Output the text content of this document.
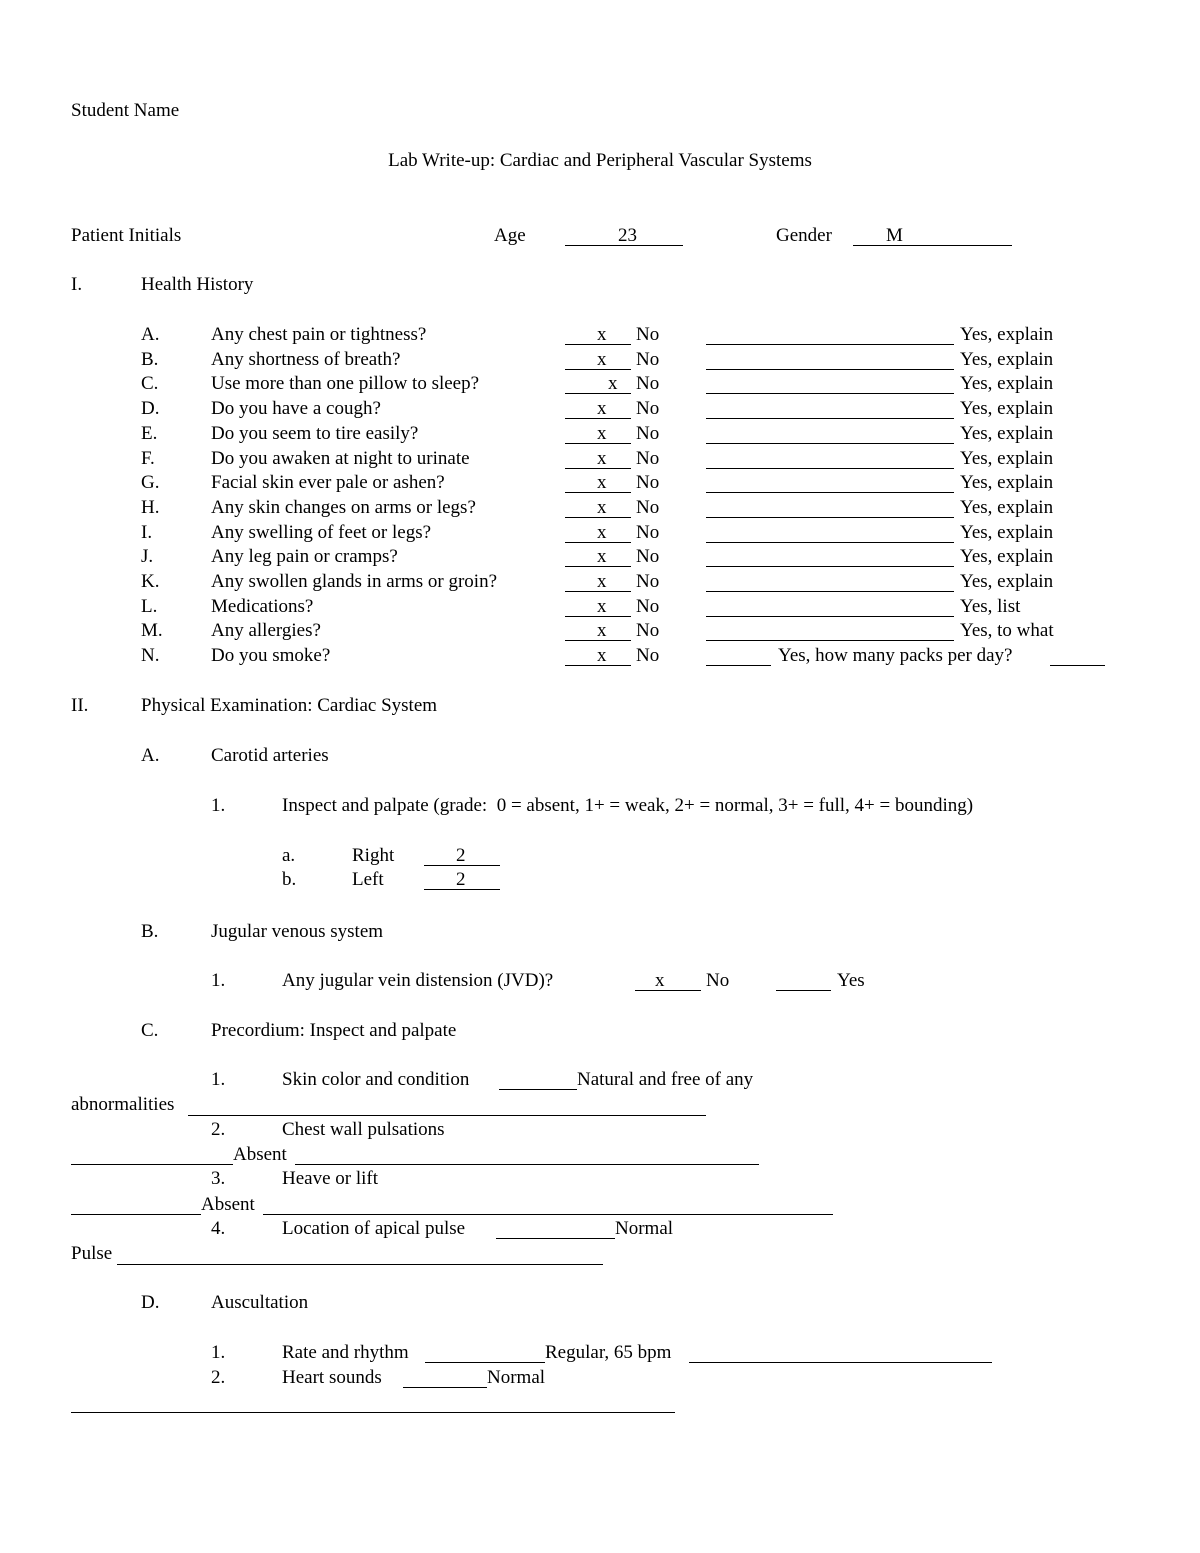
Student Name
Lab Write-up: Cardiac and Peripheral Vascular Systems
Patient Initials	Age	23	Gender	M
I.	Health History
A.	Any chest pain or tightness?	x No	Yes, explain
B.	Any shortness of breath?	x No	Yes, explain
C.	Use more than one pillow to sleep?	x No	Yes, explain
D.	Do you have a cough?	x No	Yes, explain
E.	Do you seem to tire easily?	x No	Yes, explain
F.	Do you awaken at night to urinate	x No	Yes, explain
G.	Facial skin ever pale or ashen?	x No	Yes, explain
H.	Any skin changes on arms or legs?	x No	Yes, explain
I.	Any swelling of feet or legs?	x No	Yes, explain
J.	Any leg pain or cramps?	x No	Yes, explain
K.	Any swollen glands in arms or groin?	x No	Yes, explain
L.	Medications?	x No	Yes, list
M.	Any allergies?	x No	Yes, to what
N.	Do you smoke?	x No	Yes, how many packs per day?
II.	Physical Examination: Cardiac System
A.	Carotid arteries
1.	Inspect and palpate (grade:  0 = absent, 1+ = weak, 2+ = normal, 3+ = full, 4+ = bounding)
a.	Right	2
b.	Left	2
B.	Jugular venous system
1.	Any jugular vein distension (JVD)?	x No	Yes
C.	Precordium: Inspect and palpate
1.	Skin color and condition	Natural and free of any
abnormalities
2.	Chest wall pulsations
Absent
3.	Heave or lift
Absent
4.	Location of apical pulse	Normal
Pulse
D.	Auscultation
1.	Rate and rhythm	Regular, 65 bpm
2.	Heart sounds	Normal
